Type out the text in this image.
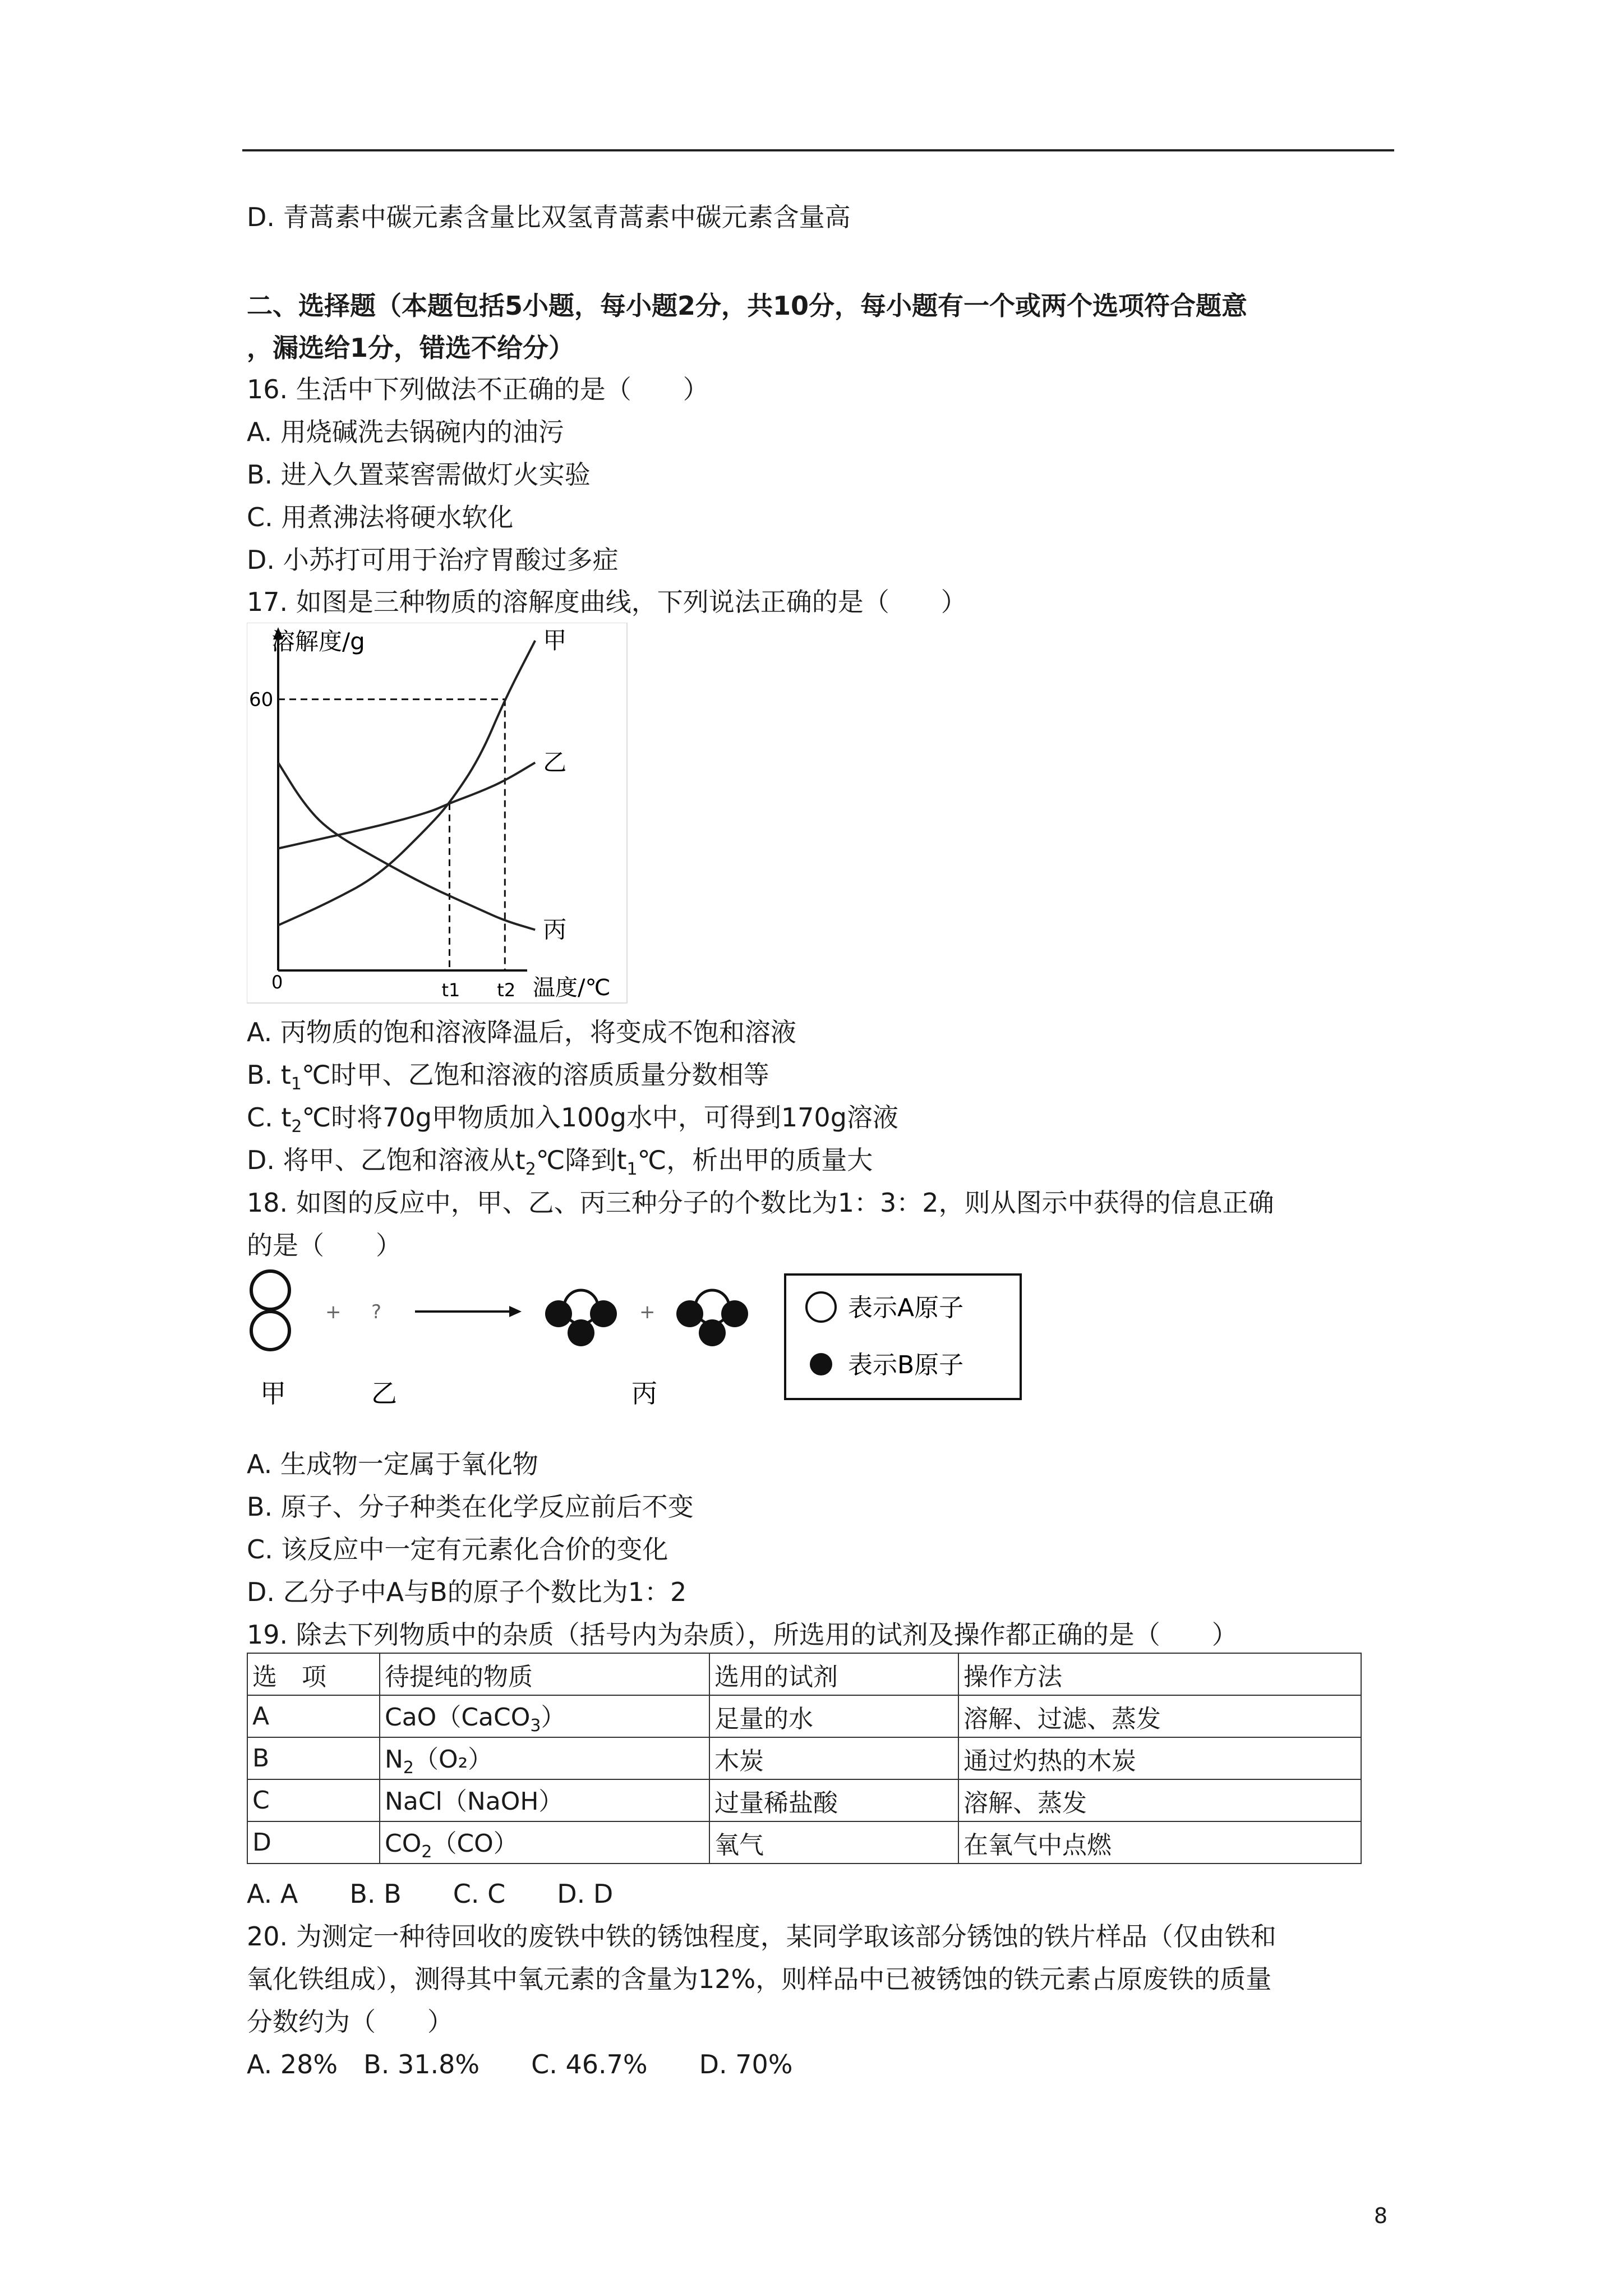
D. 青蒿素中碳元素含量比双氢青蒿素中碳元素含量高
二、选择题（本题包括5小题，每小题2分，共10分，每小题有一个或两个选项符合题意
，漏选给1分，错选不给分）
16. 生活中下列做法不正确的是（　　）
A. 用烧碱洗去锅碗内的油污
B. 进入久置菜窖需做灯火实验
C. 用煮沸法将硬水软化
D. 小苏打可用于治疗胃酸过多症
17. 如图是三种物质的溶解度曲线，下列说法正确的是（　　）
溶解度/g
温度/℃
0
60
t1 t2
甲
乙
丙
A. 丙物质的饱和溶液降温后，将变成不饱和溶液
B. $t_1℃$时甲、乙饱和溶液的溶质质量分数相等
C. $t_2℃$时将70g甲物质加入100g水中，可得到170g溶液
D. 将甲、乙饱和溶液从$t_2℃$降到$t_1℃$，析出甲的质量大
18. 如图的反应中，甲、乙、丙三种分子的个数比为1：3：2，则从图示中获得的信息正确
的是（　　）
+ ?	+
甲	乙	丙
表示A原子
表示B原子
A. 生成物一定属于氧化物
B. 原子、分子种类在化学反应前后不变
C. 该反应中一定有元素化合价的变化
D. 乙分子中A与B的原子个数比为1：2
19. 除去下列物质中的杂质（括号内为杂质），所选用的试剂及操作都正确的是（　　）
选　项	待提纯的物质	选用的试剂	操作方法
A	CaO（CaCO$_3$）	足量的水	溶解、过滤、蒸发
B	$N_2(O_2)$	木炭	通过灼热的木炭
C	NaCl（NaOH）	过量稀盐酸	溶解、蒸发
D	$CO_2(CO)$	氧气	在氧气中点燃
A. A　　B. B　　C. C　　D. D
20. 为测定一种待回收的废铁中铁的锈蚀程度，某同学取该部分锈蚀的铁片样品（仅由铁和
氧化铁组成），测得其中氧元素的含量为12%，则样品中已被锈蚀的铁元素占原废铁的质量
分数约为（　　）
A. 28%　B. 31.8%　　C. 46.7%　　D. 70%
8
